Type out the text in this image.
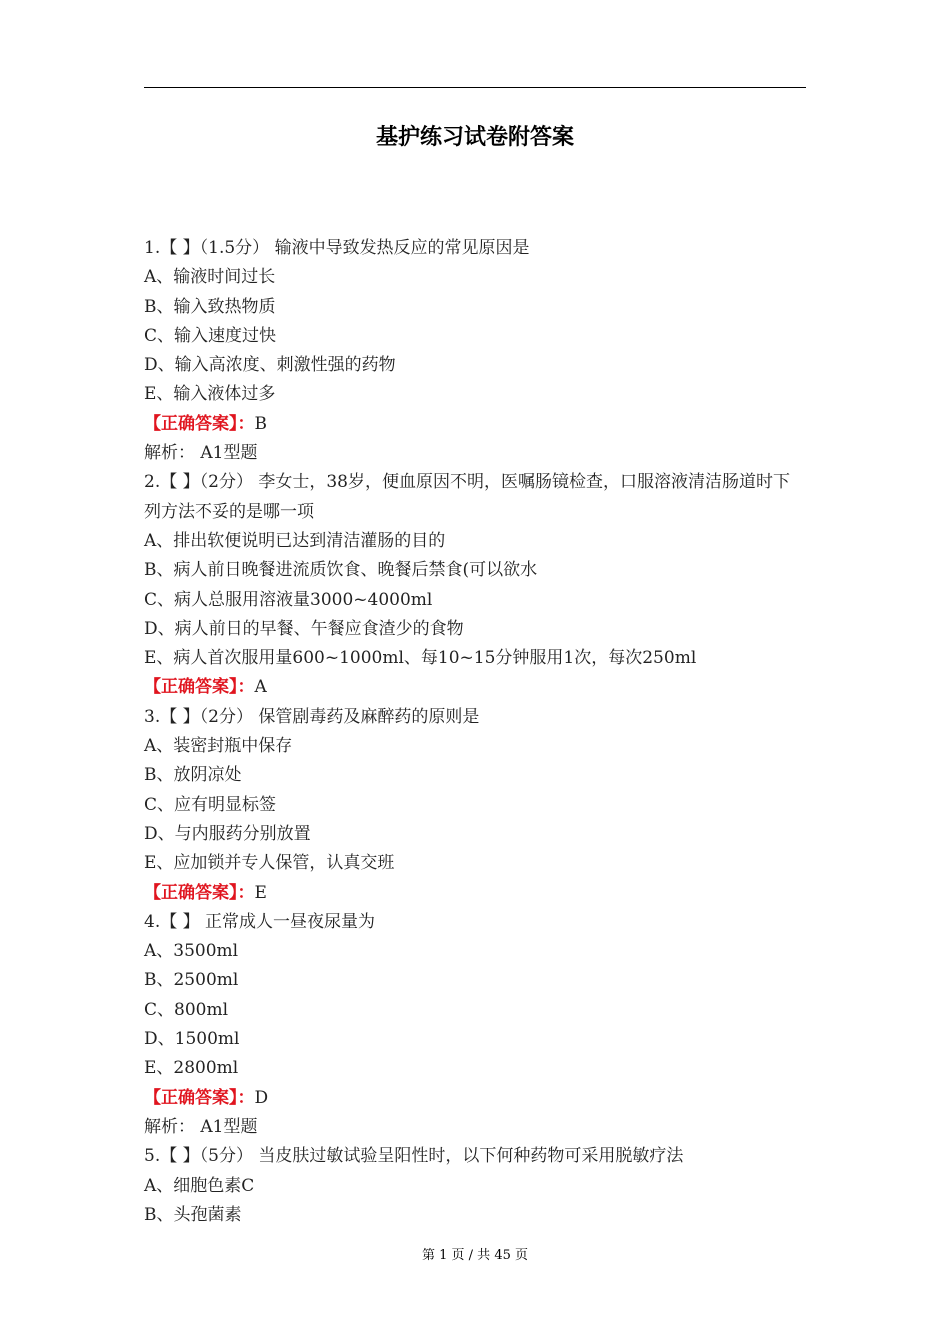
基护练习试卷附答案
1.【 】（1.5分） 输液中导致发热反应的常见原因是
A、输液时间过长
B、输入致热物质
C、输入速度过快
D、输入高浓度、刺激性强的药物
E、输入液体过多
【正确答案】：B
解析： A1型题
2.【 】（2分） 李女士，38岁，便血原因不明，医嘱肠镜检查，口服溶液清洁肠道时下列方法不妥的是哪一项
A、排出软便说明已达到清洁灌肠的目的
B、病人前日晚餐进流质饮食、晚餐后禁食(可以欲水
C、病人总服用溶液量3000~4000ml
D、病人前日的早餐、午餐应食渣少的食物
E、病人首次服用量600~1000ml、每10~15分钟服用1次，每次250ml
【正确答案】：A
3.【 】（2分） 保管剧毒药及麻醉药的原则是
A、装密封瓶中保存
B、放阴凉处
C、应有明显标签
D、与内服药分别放置
E、应加锁并专人保管，认真交班
【正确答案】：E
4.【 】 正常成人一昼夜尿量为
A、3500ml
B、2500ml
C、800ml
D、1500ml
E、2800ml
【正确答案】：D
解析： A1型题
5.【 】（5分） 当皮肤过敏试验呈阳性时，以下何种药物可采用脱敏疗法
A、细胞色素C
B、头孢菌素
第 1 页 / 共 45 页
